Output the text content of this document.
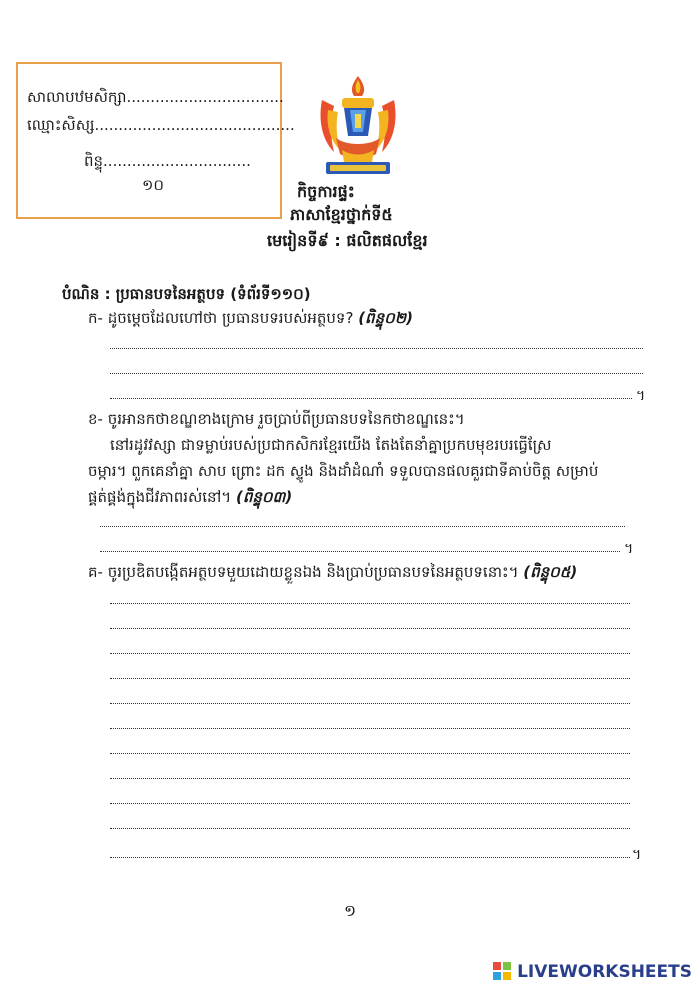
សាលាបឋមសិក្សា.................................
ឈ្មោះសិស្ស..........................................
ពិន្ទុ...............................
១០	កិច្ចការផ្ទះ
ភាសាខ្មែរថ្នាក់ទី៥
មេរៀនទី៩ : ផលិតផលខ្មែរ
បំណិន : ប្រធានបទនៃអត្ថបទ (ទំព័រទី១១០)
ក- ដូចម្តេចដែលហៅថា ប្រធានបទរបស់អត្ថបទ? (ពិន្ទុ០២)
។
ខ- ចូរអានកថាខណ្ឌខាងក្រោម រួចប្រាប់ពីប្រធានបទនៃកថាខណ្ឌនេះ។
នៅរដូវវស្សា ជាទម្លាប់របស់ប្រជាកសិករខ្មែរយើង តែងតែនាំគ្នាប្រកបមុខរបរធ្វើស្រែ
ចម្ការ។ ពួកគេនាំគ្នា សាប ព្រោះ ដក ស្ទូង និងដាំដំណាំ ទទួលបានផលគួរជាទីគាប់ចិត្ត សម្រាប់
ផ្គត់ផ្គង់ក្នុងជីវភាពរស់នៅ។ (ពិន្ទុ០៣)
។
គ- ចូរប្រឌិតបង្កើតអត្ថបទមួយដោយខ្លួនឯង និងប្រាប់ប្រធានបទនៃអត្ថបទនោះ។ (ពិន្ទុ០៥)
។
១
LIVEWORKSHEETS
